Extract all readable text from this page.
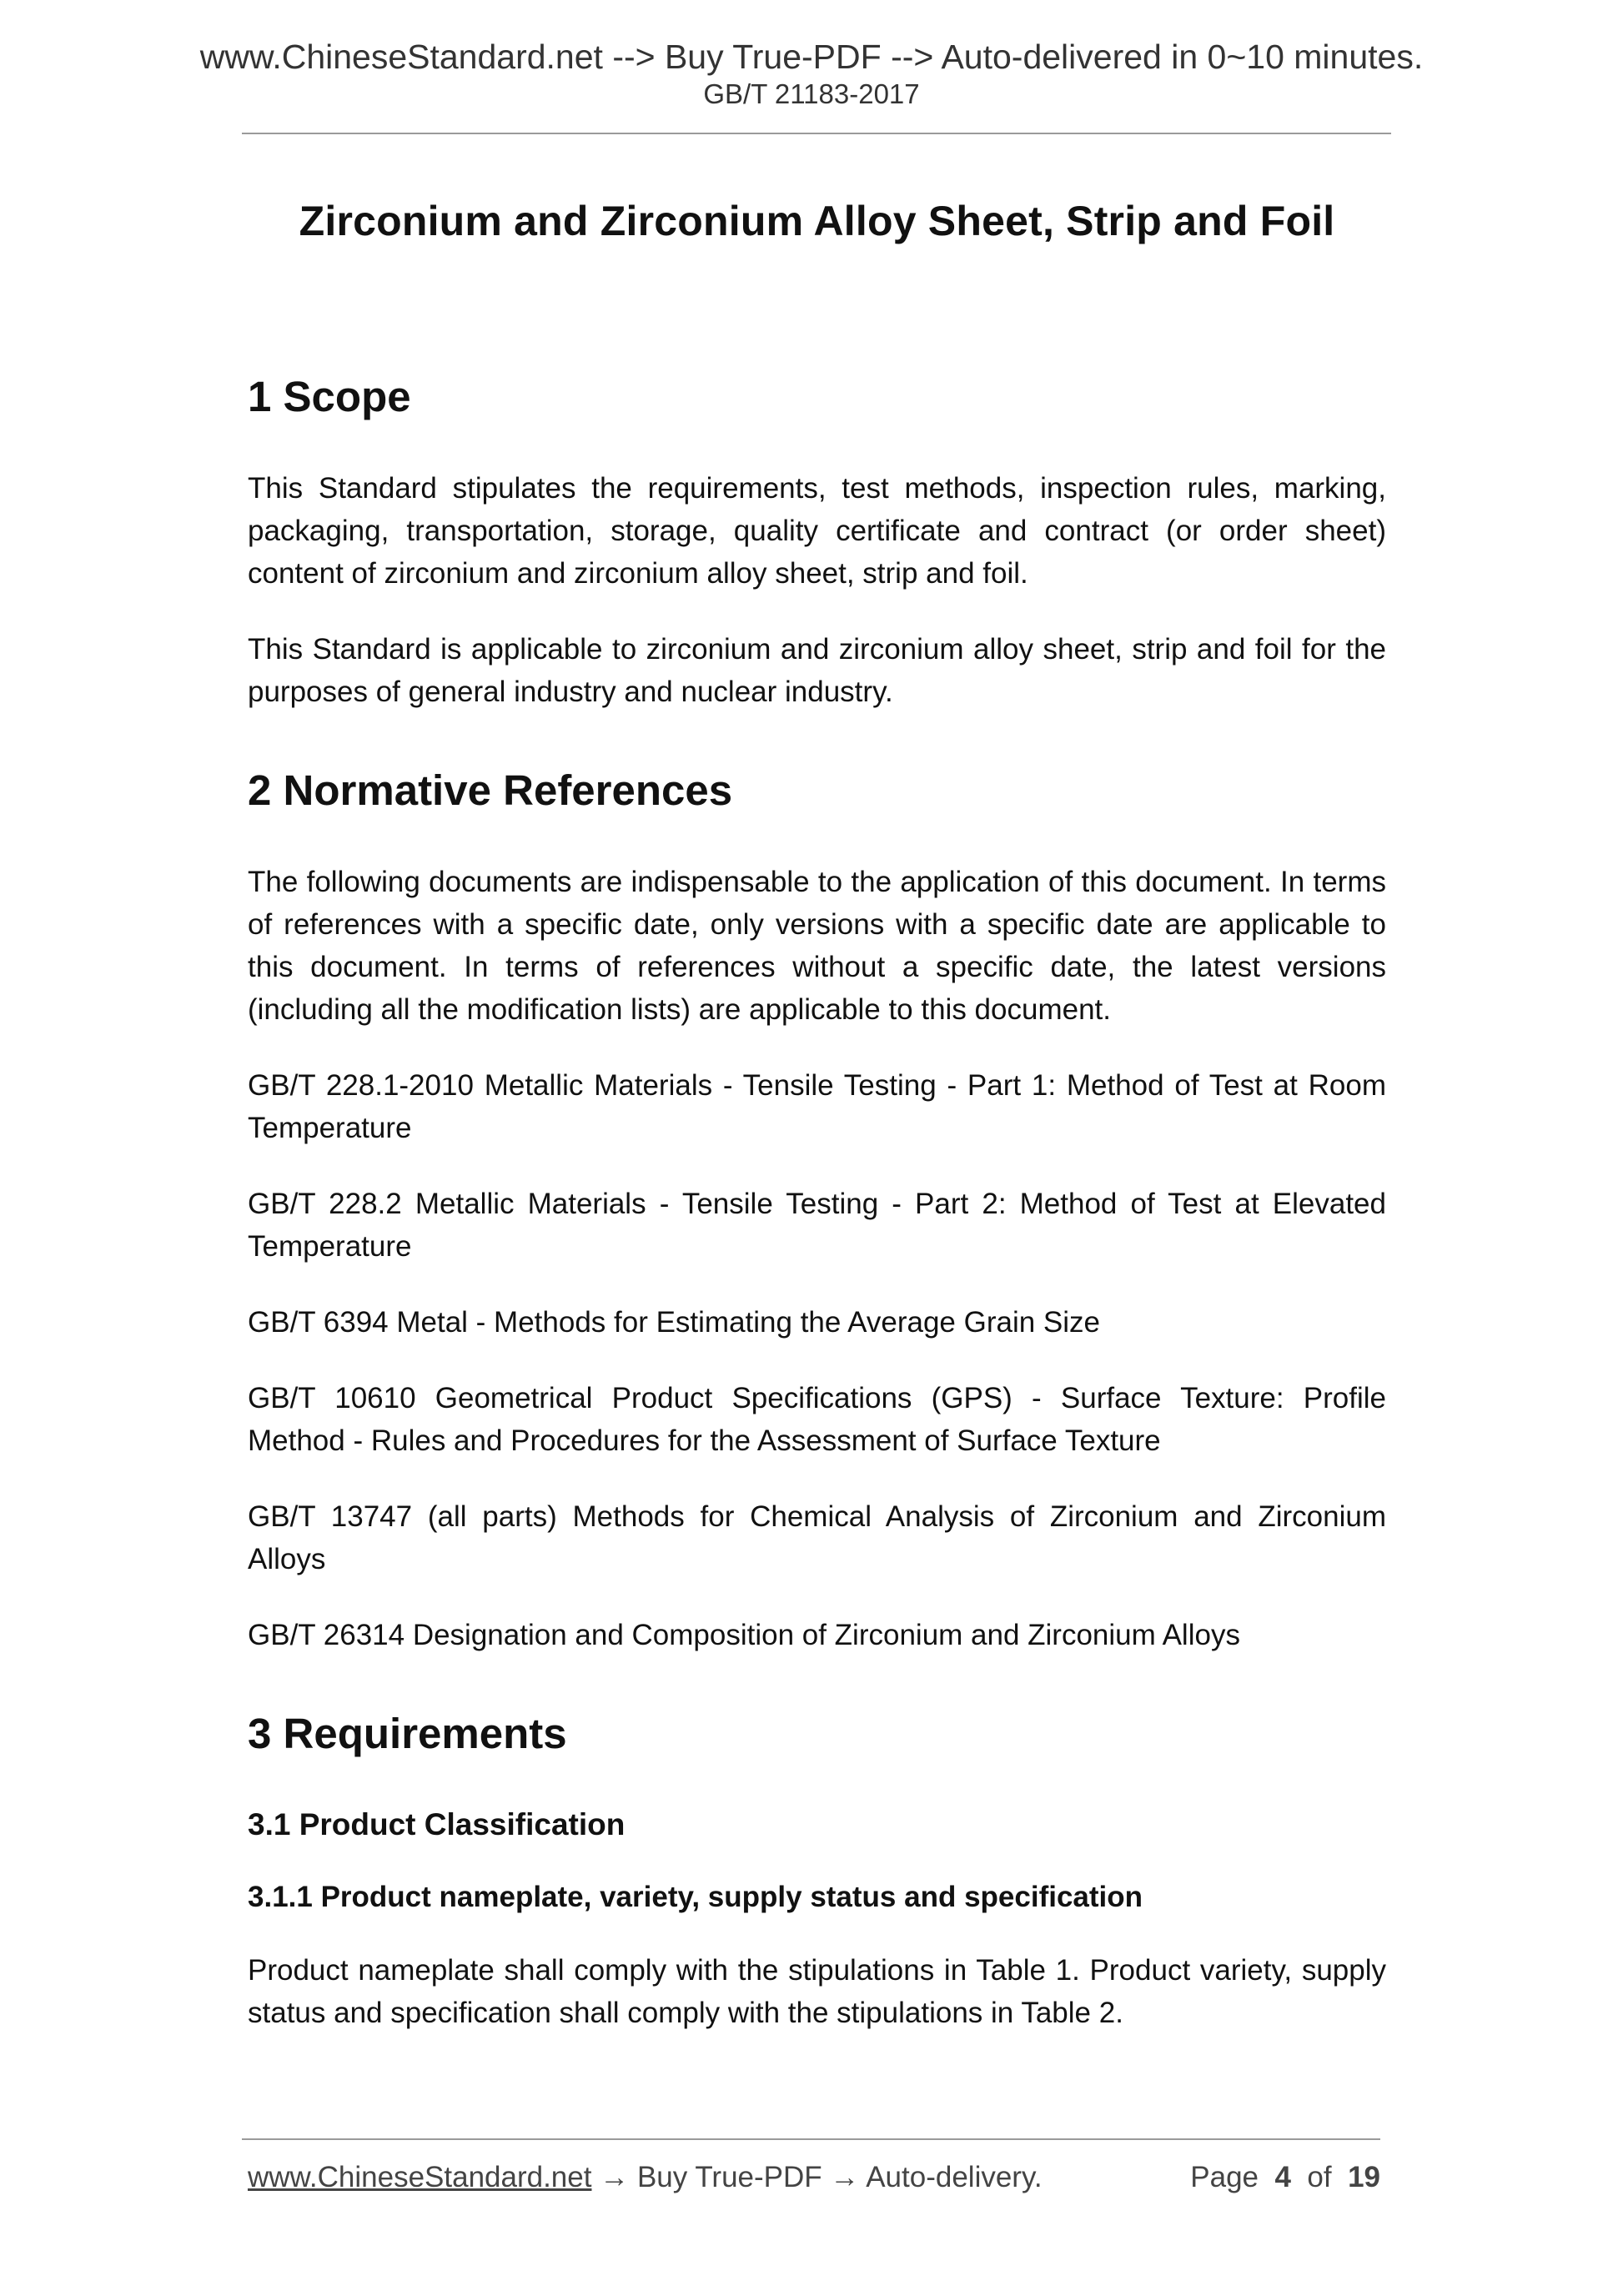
www.ChineseStandard.net --> Buy True-PDF --> Auto-delivered in 0~10 minutes.
GB/T 21183-2017
Zirconium and Zirconium Alloy Sheet, Strip and Foil
1 Scope

This Standard stipulates the requirements, test methods, inspection rules, marking, packaging, transportation, storage, quality certificate and contract (or order sheet) content of zirconium and zirconium alloy sheet, strip and foil.

This Standard is applicable to zirconium and zirconium alloy sheet, strip and foil for the purposes of general industry and nuclear industry.

2 Normative References

The following documents are indispensable to the application of this document. In terms of references with a specific date, only versions with a specific date are applicable to this document. In terms of references without a specific date, the latest versions (including all the modification lists) are applicable to this document.

GB/T 228.1-2010 Metallic Materials - Tensile Testing - Part 1: Method of Test at Room Temperature

GB/T 228.2 Metallic Materials - Tensile Testing - Part 2: Method of Test at Elevated Temperature

GB/T 6394 Metal - Methods for Estimating the Average Grain Size

GB/T 10610 Geometrical Product Specifications (GPS) - Surface Texture: Profile Method - Rules and Procedures for the Assessment of Surface Texture

GB/T 13747 (all parts) Methods for Chemical Analysis of Zirconium and Zirconium Alloys

GB/T 26314 Designation and Composition of Zirconium and Zirconium Alloys

3 Requirements
3.1 Product Classification
3.1.1 Product nameplate, variety, supply status and specification

Product nameplate shall comply with the stipulations in Table 1. Product variety, supply status and specification shall comply with the stipulations in Table 2.

www.ChineseStandard.net → Buy True-PDF → Auto-delivery.	Page 4 of 19
